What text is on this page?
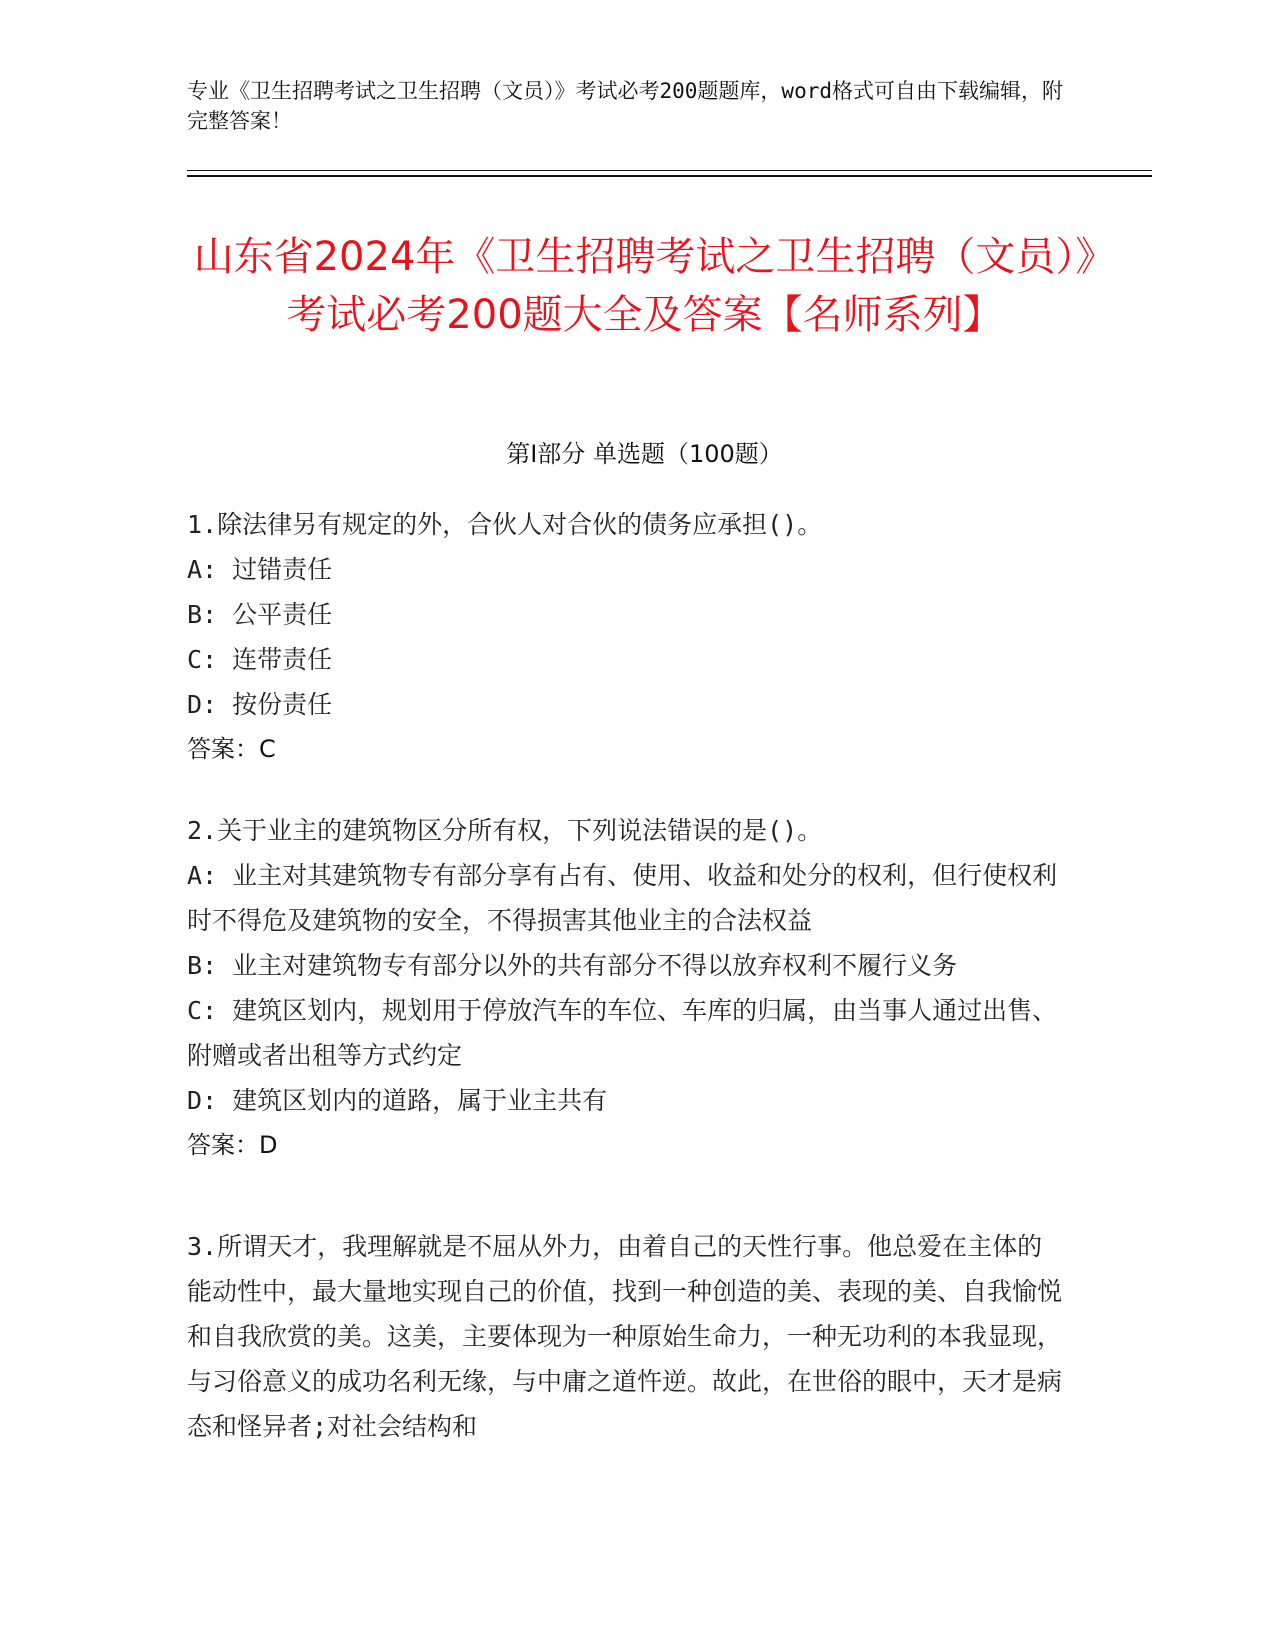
专业《卫生招聘考试之卫生招聘（文员）》考试必考200题题库，word格式可自由下载编辑，附完整答案！
山东省2024年《卫生招聘考试之卫生招聘（文员）》考试必考200题大全及答案【名师系列】
第Ⅰ部分 单选题（100题）
1.除法律另有规定的外，合伙人对合伙的债务应承担()。
A: 过错责任
B: 公平责任
C: 连带责任
D: 按份责任
答案：C
2.关于业主的建筑物区分所有权，下列说法错误的是()。
A: 业主对其建筑物专有部分享有占有、使用、收益和处分的权利，但行使权利时不得危及建筑物的安全，不得损害其他业主的合法权益
B: 业主对建筑物专有部分以外的共有部分不得以放弃权利不履行义务
C: 建筑区划内，规划用于停放汽车的车位、车库的归属，由当事人通过出售、附赠或者出租等方式约定
D: 建筑区划内的道路，属于业主共有
答案：D
3.所谓天才，我理解就是不屈从外力，由着自己的天性行事。他总爱在主体的能动性中，最大量地实现自己的价值，找到一种创造的美、表现的美、自我愉悦和自我欣赏的美。这美，主要体现为一种原始生命力，一种无功利的本我显现，与习俗意义的成功名利无缘，与中庸之道忤逆。故此，在世俗的眼中，天才是病态和怪异者;对社会结构和
